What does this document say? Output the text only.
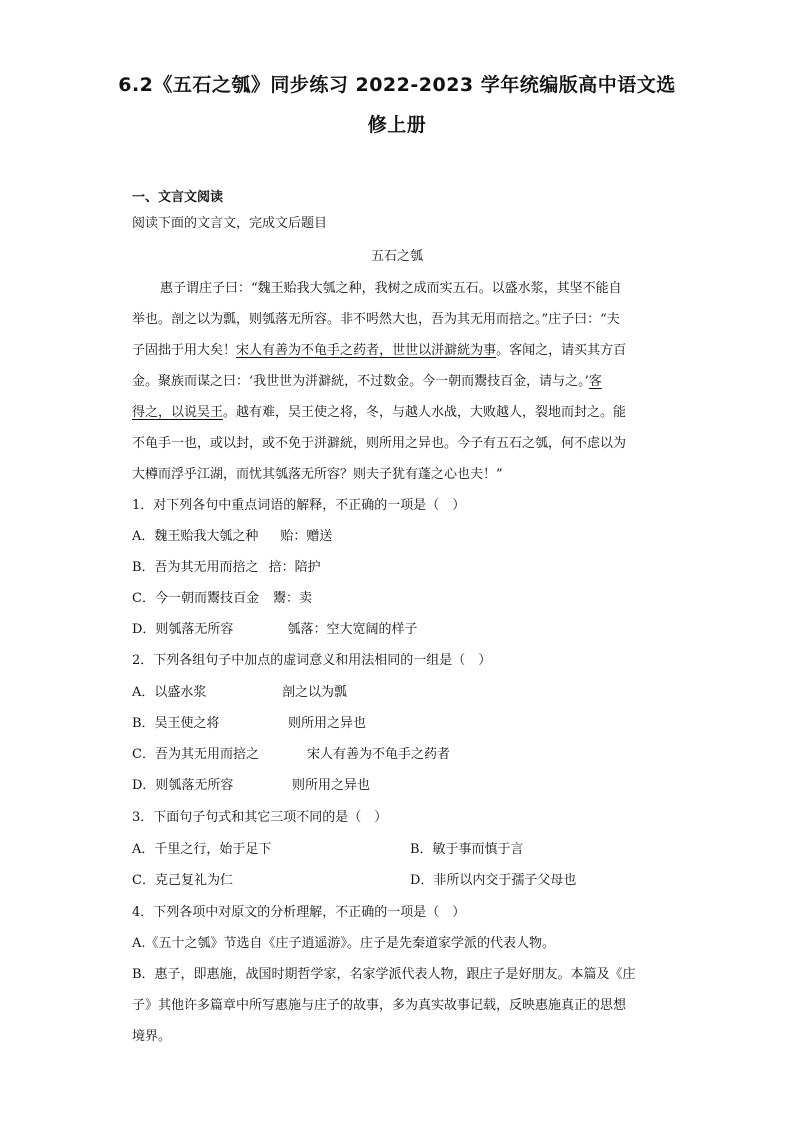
6.2《五石之瓠》同步练习 2022-2023 学年统编版高中语文选
修上册
一、文言文阅读
阅读下面的文言文，完成文后题目
五石之瓠
惠子谓庄子曰：“魏王贻我大瓠之种，我树之成而实五石。以盛水浆，其坚不能自
举也。剖之以为瓢，则瓠落无所容。非不呺然大也，吾为其无用而掊之。”庄子曰：“夫
子固拙于用大矣！宋人有善为不龟手之药者，世世以洴澼絖为事。客闻之，请买其方百
金。聚族而谋之曰：‘我世世为洴澼絖，不过数金。今一朝而鬻技百金，请与之。’客
得之，以说吴王。越有难，吴王使之将，冬，与越人水战，大败越人，裂地而封之。能
不龟手一也，或以封，或不免于洴澼絖，则所用之异也。今子有五石之瓠，何不虑以为
大樽而浮乎江湖，而忧其瓠落无所容？则夫子犹有蓬之心也夫！”
1．对下列各句中重点词语的解释，不正确的一项是（　）
A．魏王贻我大瓠之种 贻：赠送
B．吾为其无用而掊之 掊：陪护
C．今一朝而鬻技百金 鬻：卖
D．则瓠落无所容	瓠落：空大宽阔的样子
2．下列各组句子中加点的虚词意义和用法相同的一组是（　）
A．以盛水浆	剖之以为瓢
B．吴王使之将	则所用之异也
C．吾为其无用而掊之	宋人有善为不龟手之药者
D．则瓠落无所容	则所用之异也
3．下面句子句式和其它三项不同的是（　）
A．千里之行，始于足下	B．敏于事而慎于言
C．克己复礼为仁	D．非所以内交于孺子父母也
4．下列各项中对原文的分析理解，不正确的一项是（　）
A.《五十之瓠》节选自《庄子逍遥游》。庄子是先秦道家学派的代表人物。
B．惠子，即惠施，战国时期哲学家，名家学派代表人物，跟庄子是好朋友。本篇及《庄
子》其他许多篇章中所写惠施与庄子的故事，多为真实故事记载，反映惠施真正的思想
境界。
